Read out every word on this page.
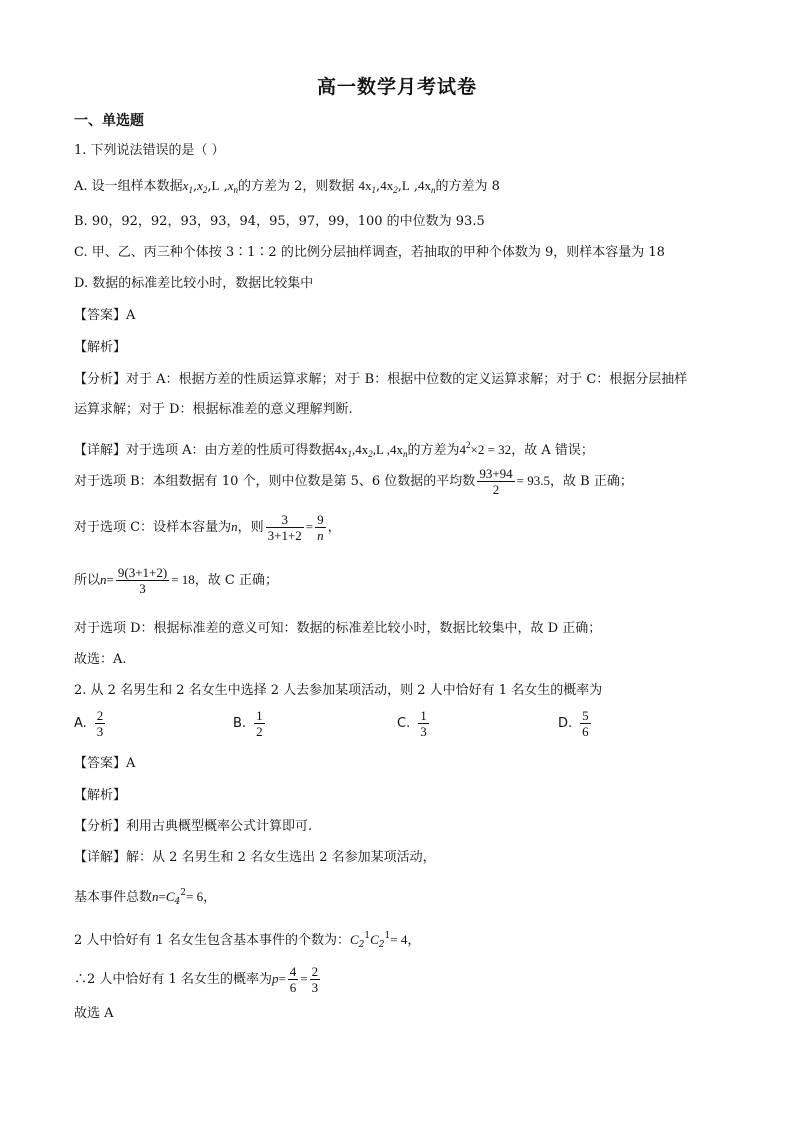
高一数学月考试卷
一、单选题
1. 下列说法错误的是（ ）
A. 设一组样本数据$x_1,x_2,L$ $,x_n$的方差为 2，则数据 $4x_1,4x_2,L$ $,4x_n$的方差为 8
B. 90，92，92，93，93，94，95，97，99，100 的中位数为 93.5
C. 甲、乙、丙三种个体按 3∶1∶2 的比例分层抽样调查，若抽取的甲种个体数为 9，则样本容量为 18
D. 数据的标准差比较小时，数据比较集中
【答案】A
【解析】
【分析】对于 A：根据方差的性质运算求解；对于 B：根据中位数的定义运算求解；对于 C：根据分层抽样
运算求解；对于 D：根据标准差的意义理解判断.
【详解】对于选项 A：由方差的性质可得数据$4x_1,4x_2,L$ $,4x_n$的方差为$4^2\times 2 = 32$，故 A 错误；
对于选项 B：本组数据有 10 个，则中位数是第 5、6 位数据的平均数 $\frac{93+94}{2} = 93.5$，故 B 正确；
对于选项 C：设样本容量为n，则 $\frac{3}{3+1+2} = \frac{9}{n}$ ，
所以$n= \frac{9(3+1+2)}{3} = 18$，故 C 正确；
对于选项 D：根据标准差的意义可知：数据的标准差比较小时，数据比较集中，故 D 正确；
故选：A.
2. 从 2 名男生和 2 名女生中选择 2 人去参加某项活动，则 2 人中恰好有 1 名女生的概率为
A. $\frac{2}{3}$	B. $\frac{1}{2}$	C. $\frac{1}{3}$	D. $\frac{5}{6}$
【答案】A
【解析】
【分析】利用古典概型概率公式计算即可.
【详解】解：从 2 名男生和 2 名女生选出 2 名参加某项活动，
基本事件总数$n=C_4^2= 6$，
2 人中恰好有 1 名女生包含基本事件的个数为：$C_2^1C_2^1= 4$，
∴2 人中恰好有 1 名女生的概率为$p= \frac{4}{6} = \frac{2}{3}$
故选 A
